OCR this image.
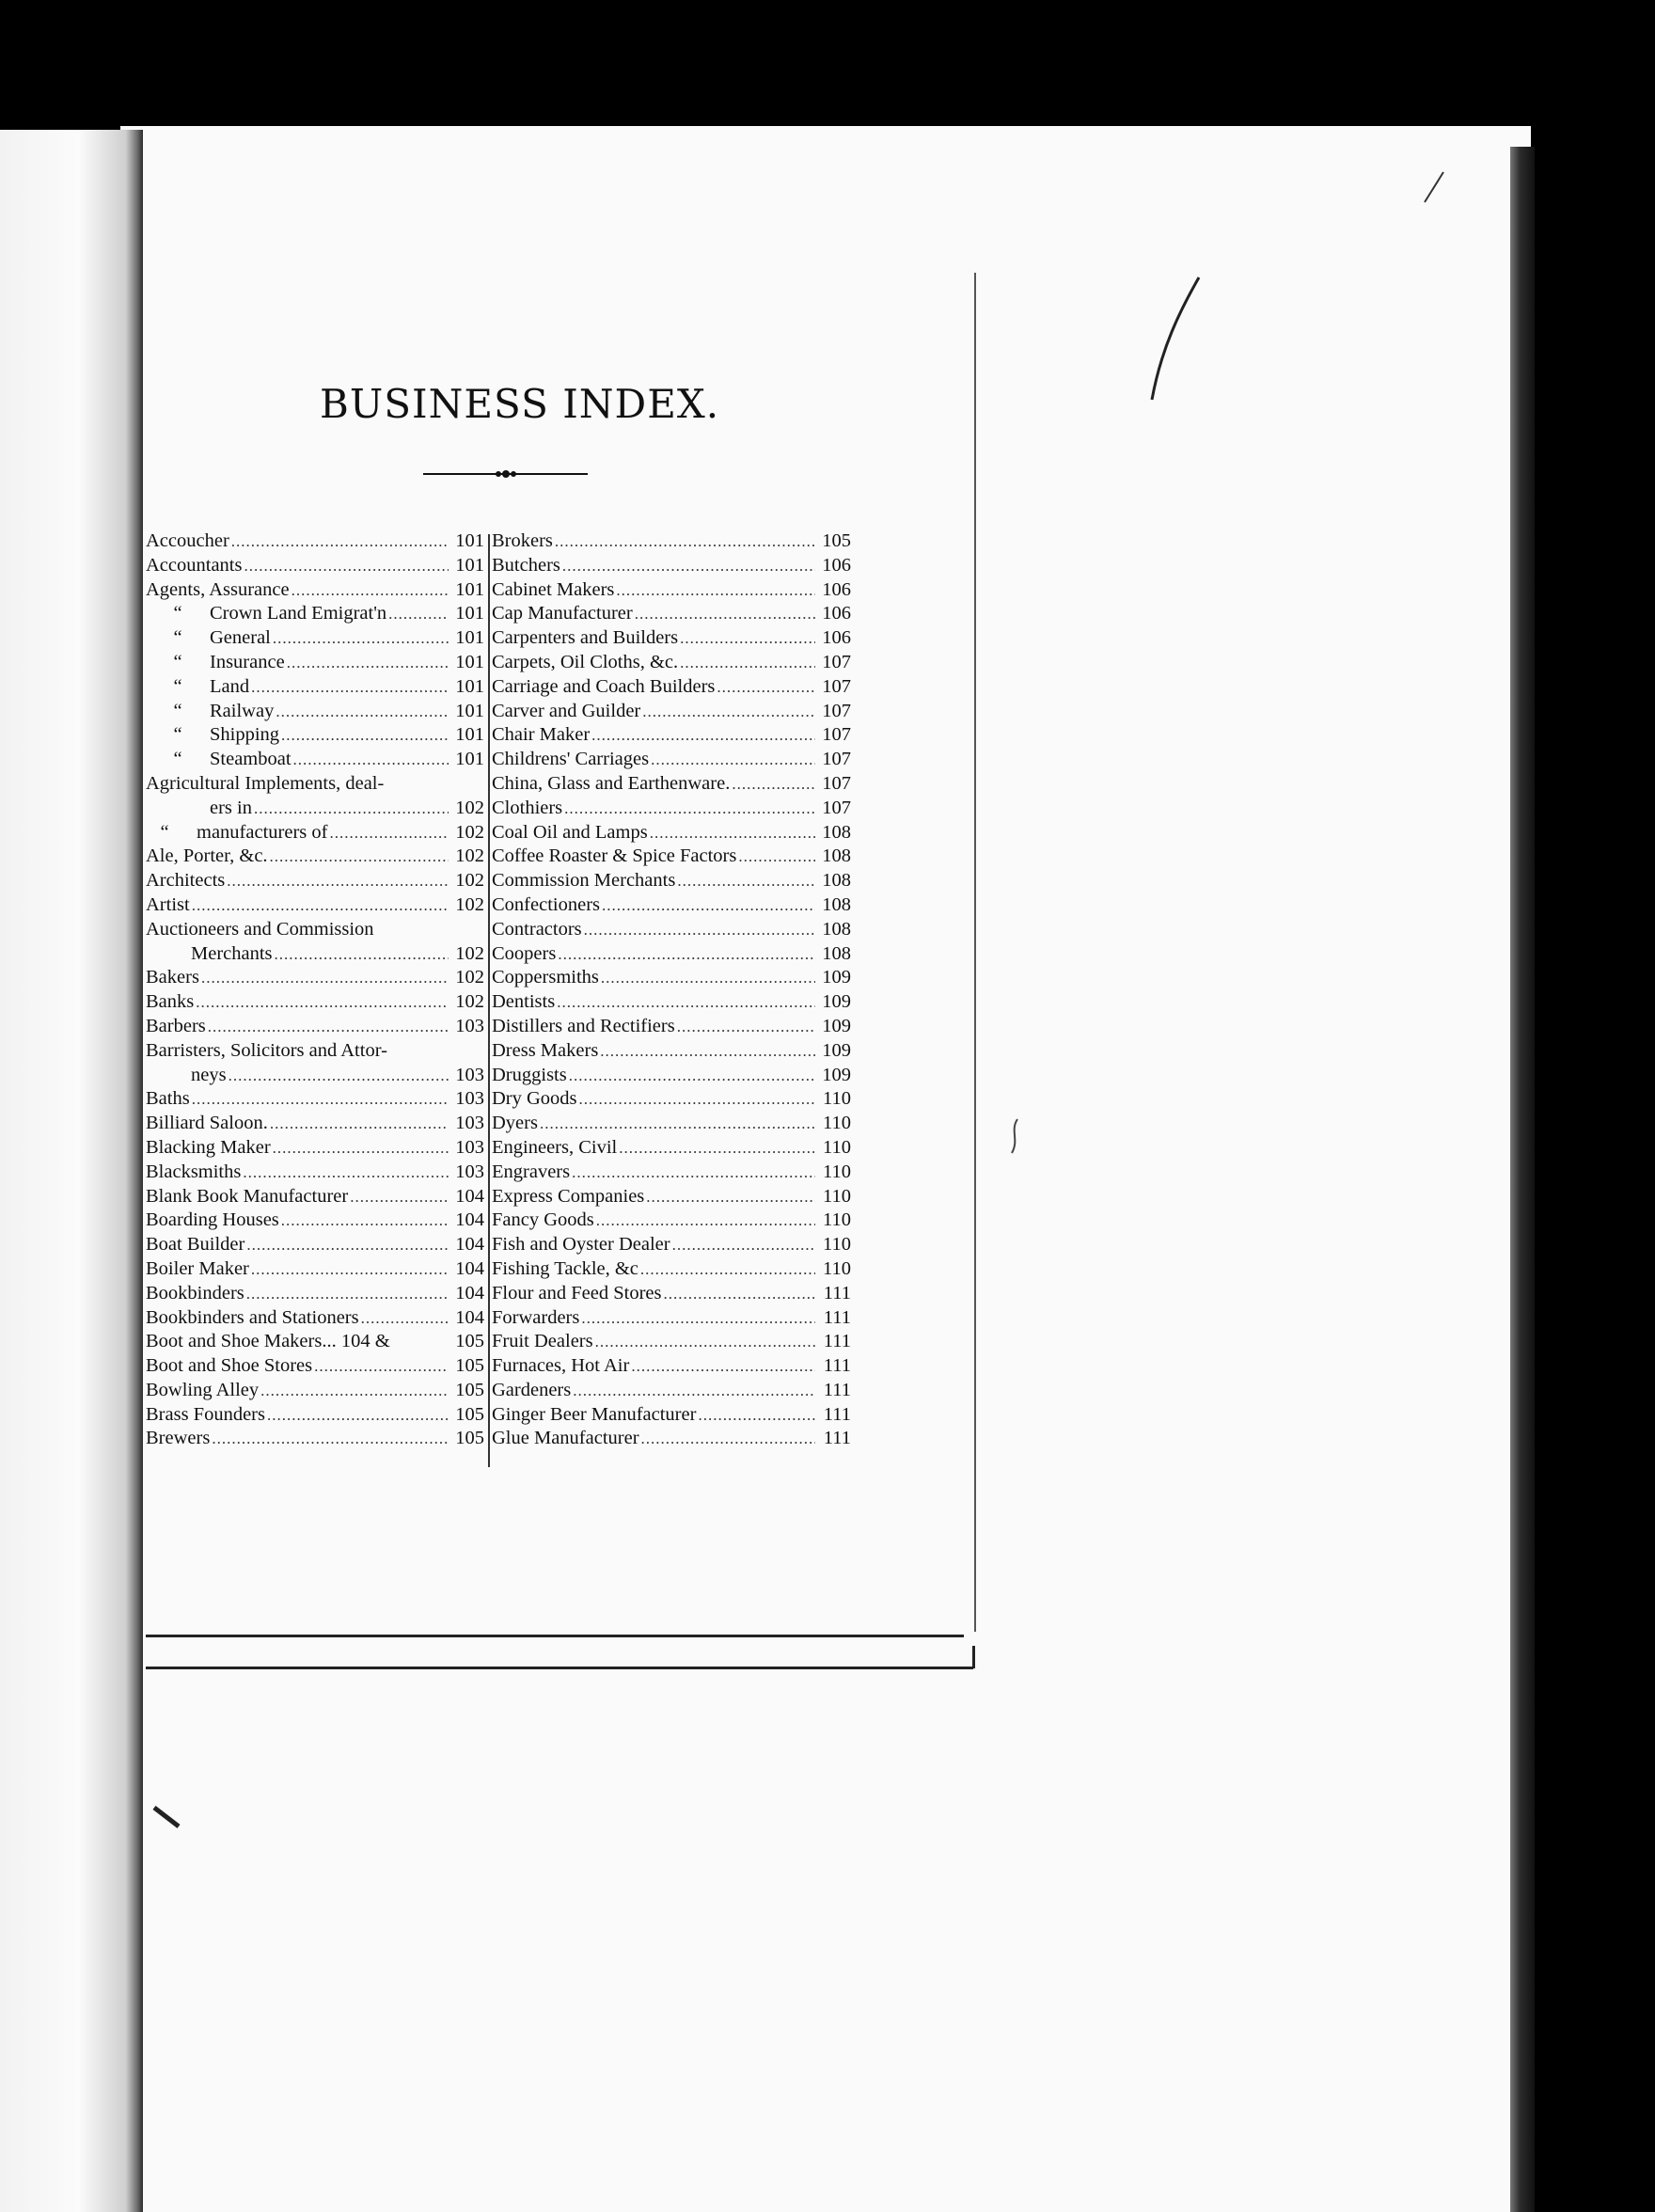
BUSINESS INDEX.
Accoucher .....	101
Accountants .....	101
Agents, Assurance .....	101
“ Crown Land Emigrat'n .....	101
“ General .....	101
“ Insurance .....	101
“ Land .....	101
“ Railway .....	101
“ Shipping .....	101
“ Steamboat .....	101
Agricultural Implements, deal-
ers in .....	102
“ manufacturers of .....	102
Ale, Porter, &c. .....	102
Architects .....	102
Artist .....	102
Auctioneers and Commission
Merchants .....	102
Bakers .....	102
Banks .....	102
Barbers .....	103
Barristers, Solicitors and Attor-
neys .....	103
Baths .....	103
Billiard Saloon. .....	103
Blacking Maker .....	103
Blacksmiths .....	103
Blank Book Manufacturer .....	104
Boarding Houses .....	104
Boat Builder .....	104
Boiler Maker .....	104
Bookbinders .....	104
Bookbinders and Stationers .....	104
Boot and Shoe Makers... 104 &	105
Boot and Shoe Stores .....	105
Bowling Alley .....	105
Brass Founders .....	105
Brewers .....	105
Brokers .....	105
Butchers .....	106
Cabinet Makers .....	106
Cap Manufacturer .....	106
Carpenters and Builders .....	106
Carpets, Oil Cloths, &c. .....	107
Carriage and Coach Builders .....	107
Carver and Guilder .....	107
Chair Maker .....	107
Childrens' Carriages .....	107
China, Glass and Earthenware. .....	107
Clothiers .....	107
Coal Oil and Lamps .....	108
Coffee Roaster & Spice Factors .....	108
Commission Merchants .....	108
Confectioners .....	108
Contractors .....	108
Coopers .....	108
Coppersmiths .....	109
Dentists .....	109
Distillers and Rectifiers .....	109
Dress Makers .....	109
Druggists .....	109
Dry Goods .....	110
Dyers .....	110
Engineers, Civil .....	110
Engravers .....	110
Express Companies .....	110
Fancy Goods .....	110
Fish and Oyster Dealer .....	110
Fishing Tackle, &c .....	110
Flour and Feed Stores .....	111
Forwarders .....	111
Fruit Dealers .....	111
Furnaces, Hot Air .....	111
Gardeners .....	111
Ginger Beer Manufacturer .....	111
Glue Manufacturer .....	111
